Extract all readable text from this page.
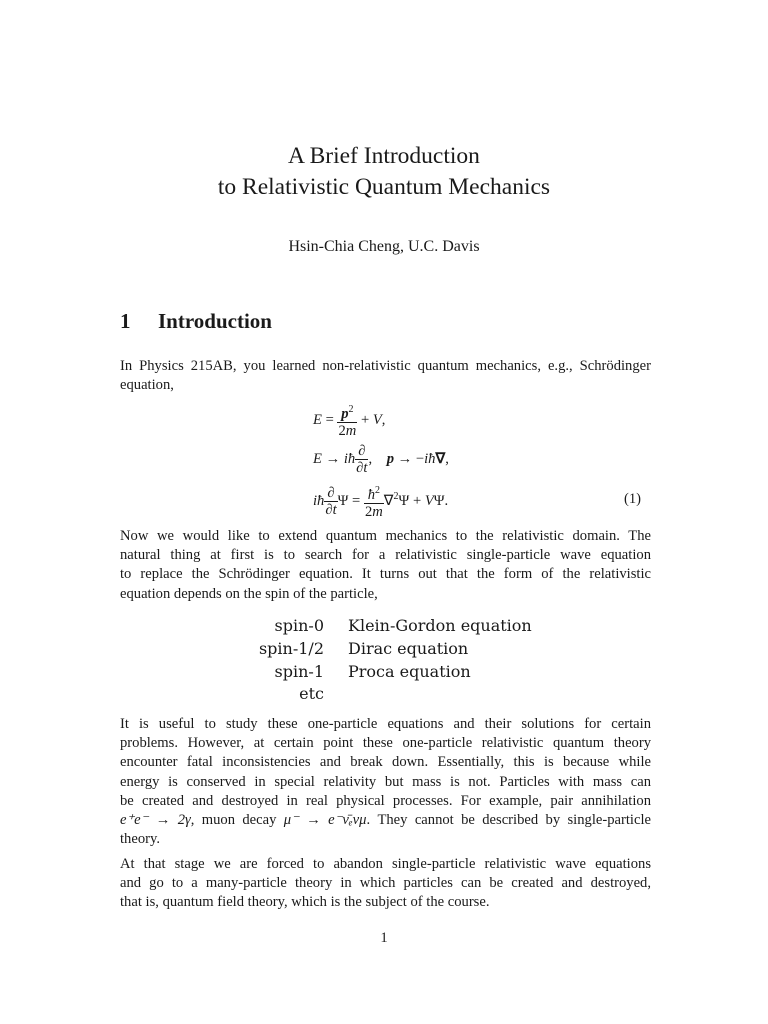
A Brief Introduction
to Relativistic Quantum Mechanics
Hsin-Chia Cheng, U.C. Davis
1 Introduction
In Physics 215AB, you learned non-relativistic quantum mechanics, e.g., Schrödinger
equation,
$E = \frac{p^2}{2m} + V$,
E → iħ $\frac{\partial}{\partial t}$ ,    p → −iħ∇,
iħ $\frac{\partial}{\partial t}$ $\Psi = \frac{ħ^2}{2m} \nabla^2\Psi + V\Psi$.	(1)
Now we would like to extend quantum mechanics to the relativistic domain. The
natural thing at first is to search for a relativistic single-particle wave equation
to replace the Schrödinger equation. It turns out that the form of the relativistic
equation depends on the spin of the particle,
spin-0 Klein-Gordon equation
spin-1/2 Dirac equation
spin-1 Proca equation
etc
It is useful to study these one-particle equations and their solutions for certain
problems. However, at certain point these one-particle relativistic quantum theory
encounter fatal inconsistencies and break down. Essentially, this is because while
energy is conserved in special relativity but mass is not. Particles with mass can
be created and destroyed in real physical processes. For example, pair annihilation
e⁺e⁻ → 2γ, muon decay μ⁻ → e⁻ν̄ₑνμ. They cannot be described by single-particle
theory.
At that stage we are forced to abandon single-particle relativistic wave equations
and go to a many-particle theory in which particles can be created and destroyed,
that is, quantum field theory, which is the subject of the course.
1
